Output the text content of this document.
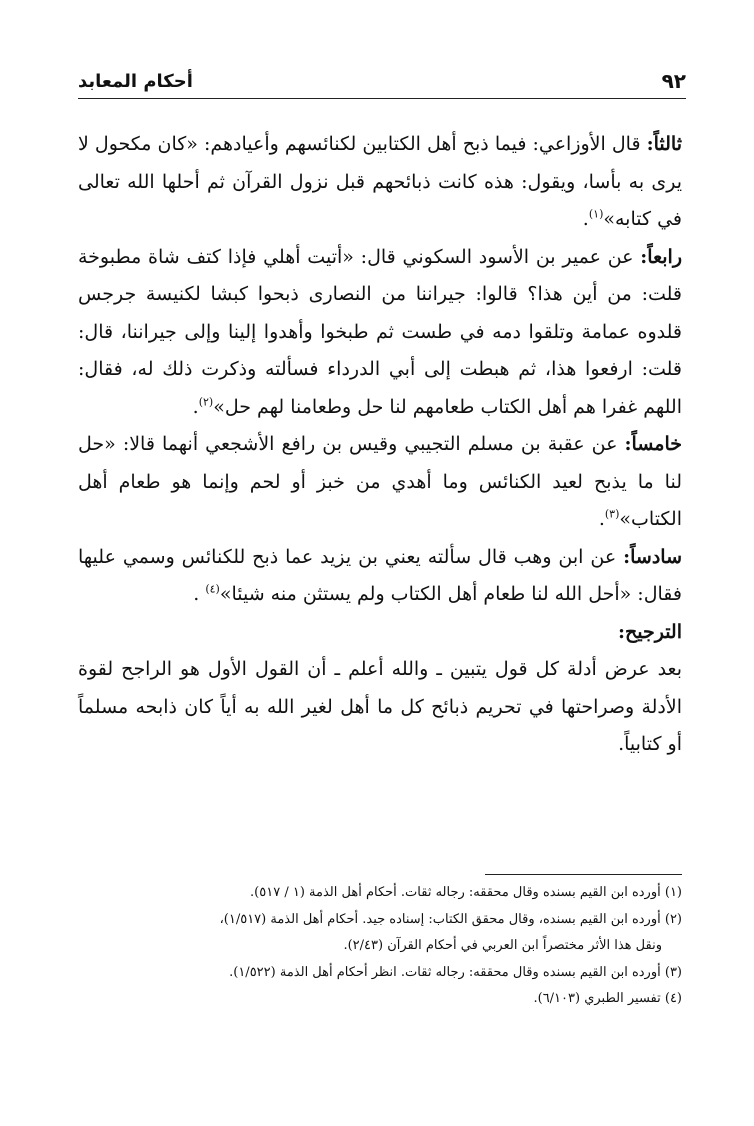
٩٢
أحكام المعابد

ثالثاً: قال الأوزاعي: فيما ذبح أهل الكتابين لكنائسهم وأعيادهم: «كان مكحول لا يرى به بأسا، ويقول: هذه كانت ذبائحهم قبل نزول القرآن ثم أحلها الله تعالى في كتابه»$^{(١)}$.

رابعاً: عن عمير بن الأسود السكوني قال: «أتيت أهلي فإذا كتف شاة مطبوخة قلت: من أين هذا؟ قالوا: جيراننا من النصارى ذبحوا كبشا لكنيسة جرجس قلدوه عمامة وتلقوا دمه في طست ثم طبخوا وأهدوا إلينا وإلى جيراننا، قال: قلت: ارفعوا هذا، ثم هبطت إلى أبي الدرداء فسألته وذكرت ذلك له، فقال: اللهم غفرا هم أهل الكتاب طعامهم لنا حل وطعامنا لهم حل»$^{(٢)}$.

خامساً: عن عقبة بن مسلم التجيبي وقيس بن رافع الأشجعي أنهما قالا: «حل لنا ما يذبح لعيد الكنائس وما أهدي من خبز أو لحم وإنما هو طعام أهل الكتاب»$^{(٣)}$.

سادساً: عن ابن وهب قال سألته يعني بن يزيد عما ذبح للكنائس وسمي عليها فقال: «أحل الله لنا طعام أهل الكتاب ولم يستثن منه شيئا»$^{(٤)}$ .

الترجيح:

بعد عرض أدلة كل قول يتبين ـ والله أعلم ـ أن القول الأول هو الراجح لقوة الأدلة وصراحتها في تحريم ذبائح كل ما أهل لغير الله به أياً كان ذابحه مسلماً أو كتابياً.

(١) أورده ابن القيم بسنده وقال محققه: رجاله ثقات. أحكام أهل الذمة (١ / ٥١٧).

(٢) أورده ابن القيم بسنده، وقال محقق الكتاب: إسناده جيد. أحكام أهل الذمة (١/٥١٧)،

ونقل هذا الأثر مختصراً ابن العربي في أحكام القرآن (٢/٤٣).

(٣) أورده ابن القيم بسنده وقال محققه: رجاله ثقات. انظر أحكام أهل الذمة (١/٥٢٢).

(٤) تفسير الطبري (٦/١٠٣).
